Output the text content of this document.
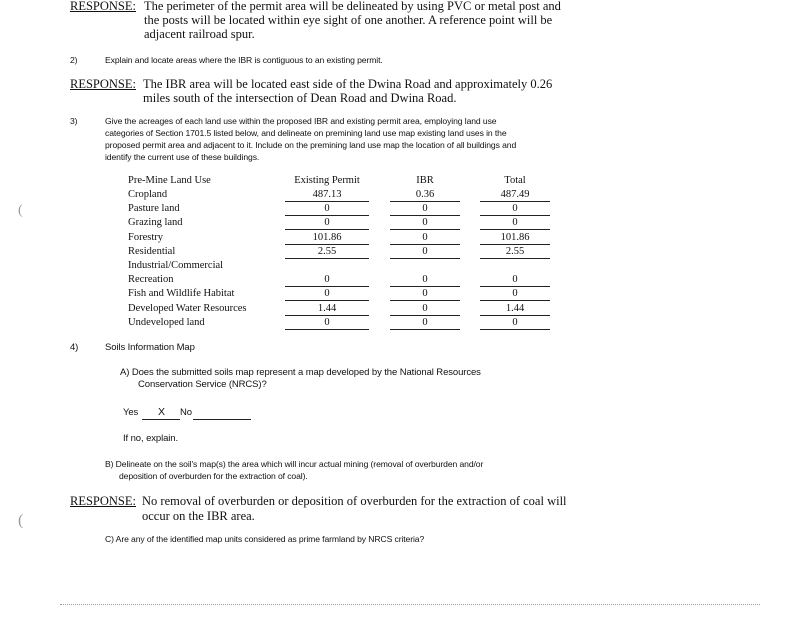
RESPONSE: The perimeter of the permit area will be delineated by using PVC or metal post and
the posts will be located within eye sight of one another. A reference point will be
adjacent railroad spur.
2)	Explain and locate areas where the IBR is contiguous to an existing permit.
RESPONSE: The IBR area will be located east side of the Dwina Road and approximately 0.26
miles south of the intersection of Dean Road and Dwina Road.
3)	Give the acreages of each land use within the proposed IBR and existing permit area, employing land use
categories of Section 1701.5 listed below, and delineate on premining land use map existing land uses in the
proposed permit area and adjacent to it. Include on the premining land use map the location of all buildings and
identify the current use of these buildings.
Pre-Mine Land Use	Existing Permit	IBR	Total
Cropland	487.13	0.36	487.49
Pasture land	0	0	0
Grazing land	0	0	0
Forestry	101.86	0	101.86
Residential	2.55	0	2.55
Industrial/Commercial
Recreation	0	0	0
Fish and Wildlife Habitat	0	0	0
Developed Water Resources	1.44	0	1.44
Undeveloped land	0	0	0
4)	Soils Information Map
A) Does the submitted soils map represent a map developed by the National Resources
Conservation Service (NRCS)?
Yes X No
If no, explain.
B) Delineate on the soil's map(s) the area which will incur actual mining (removal of overburden and/or
deposition of overburden for the extraction of coal).
RESPONSE: No removal of overburden or deposition of overburden for the extraction of coal will
occur on the IBR area.
C) Are any of the identified map units considered as prime farmland by NRCS criteria?
(
(
